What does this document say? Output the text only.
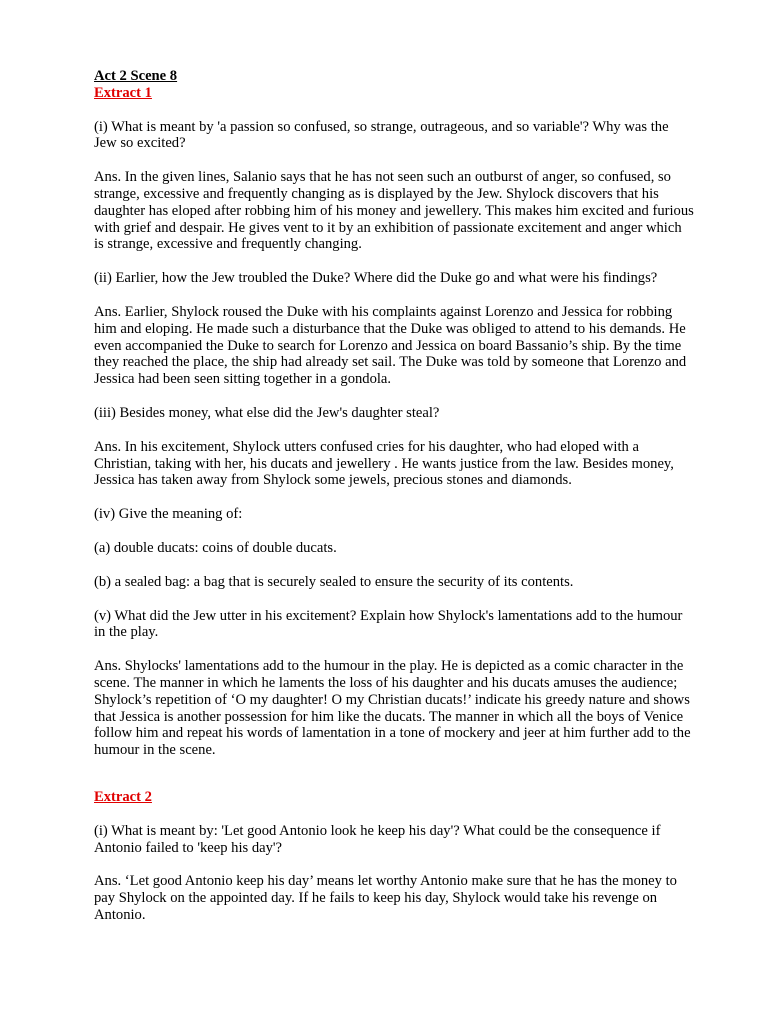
Act 2 Scene 8

Extract 1

(i) What is meant by 'a passion so confused, so strange, outrageous, and so variable'? Why was the Jew so excited?

Ans. In the given lines, Salanio says that he has not seen such an outburst of anger, so confused, so strange, excessive and frequently changing as is displayed by the Jew. Shylock discovers that his daughter has eloped after robbing him of his money and jewellery. This makes him excited and furious with grief and despair. He gives vent to it by an exhibition of passionate excitement and anger which is strange, excessive and frequently changing.

(ii) Earlier, how the Jew troubled the Duke? Where did the Duke go and what were his findings?

Ans. Earlier, Shylock roused the Duke with his complaints against Lorenzo and Jessica for robbing him and eloping. He made such a disturbance that the Duke was obliged to attend to his demands. He even accompanied the Duke to search for Lorenzo and Jessica on board Bassanio’s ship. By the time they reached the place, the ship had already set sail. The Duke was told by someone that Lorenzo and Jessica had been seen sitting together in a gondola.

(iii) Besides money, what else did the Jew's daughter steal?

Ans. In his excitement, Shylock utters confused cries for his daughter, who had eloped with a Christian, taking with her, his ducats and jewellery . He wants justice from the law. Besides money, Jessica has taken away from Shylock some jewels, precious stones and diamonds.

(iv) Give the meaning of:

(a) double ducats: coins of double ducats.

(b) a sealed bag: a bag that is securely sealed to ensure the security of its contents.

(v) What did the Jew utter in his excitement? Explain how Shylock's lamentations add to the humour in the play.

Ans. Shylocks' lamentations add to the humour in the play. He is depicted as a comic character in the scene. The manner in which he laments the loss of his daughter and his ducats amuses the audience; Shylock’s repetition of ‘O my daughter! O my Christian ducats!’ indicate his greedy nature and shows that Jessica is another possession for him like the ducats. The manner in which all the boys of Venice follow him and repeat his words of lamentation in a tone of mockery and jeer at him further add to the humour in the scene.

Extract 2

(i) What is meant by: 'Let good Antonio look he keep his day'? What could be the consequence if Antonio failed to 'keep his day'?

Ans. ‘Let good Antonio keep his day’ means let worthy Antonio make sure that he has the money to pay Shylock on the appointed day. If he fails to keep his day, Shylock would take his revenge on Antonio.
